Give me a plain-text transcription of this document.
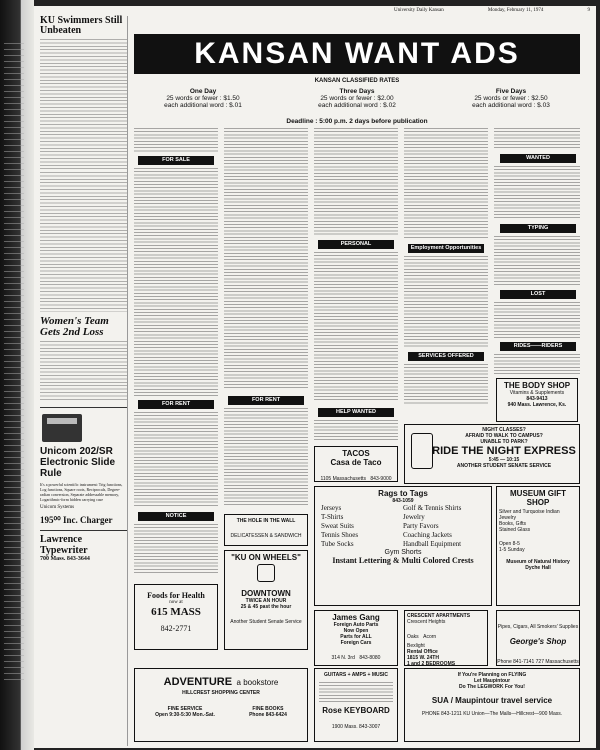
University Daily Kansan	Monday, February 11, 1974	9
KU Swimmers Still Unbeaten
Women's Team Gets 2nd Loss
Unicom 202/SR Electronic Slide Rule
It's a powerful scientific instrument: Trig functions, Log functions, Square roots, Reciprocals, Degree-radian conversion, Separate addressable memory, Logarithmic-form hidden carrying case
Unicom Systems
195⁰⁰ Inc. Charger
Lawrence Typewriter
700 Mass. 843-3644
KANSAN WANT ADS
KANSAN CLASSIFIED RATES
One Day
25 words or fewer : $1.50
each additional word : $.01
Three Days
25 words or fewer : $2.00
each additional word : $.02
Five Days
25 words or fewer : $2.50
each additional word : $.03
Deadline : 5:00 p.m. 2 days before publication
FOR SALE
FOR RENT
NOTICE
FOR RENT
PERSONAL
HELP WANTED
Employment Opportunities
SERVICES OFFERED
WANTED
TYPING
LOST
RIDES——RIDERS
THE BODY SHOP
Vitamins & Supplements
843-9413
940 Mass. Lawrence, Ks.
NIGHT CLASSES?
AFRAID TO WALK TO CAMPUS?
UNABLE TO PARK?
RIDE THE NIGHT EXPRESS
5:45 — 10:15
ANOTHER STUDENT SENATE SERVICE
TACOS
Casa de Taco
1105 Massachusetts 843-9000
Rags to Tags
843-1059
Jerseys
T-Shirts
Sweat Suits
Tennis Shoes
Tube Socks
Golf & Tennis Shirts
Jewelry
Party Favors
Coaching Jackets
Handball Equipment
Gym Shorts
Instant Lettering & Multi Colored Crests
MUSEUM GIFT SHOP
Silver and Turquoise Indian Jewelry
Books, Gifts
Stained Glass
Open 8-5
1-5 Sunday
Museum of Natural History Dyche Hall
THE HOLE IN THE WALL
DELICATESSEN & SANDWICH
"KU ON WHEELS"
DOWNTOWN
TWICE AN HOUR
25 & 45 past the hour
Another Student Senate Service
Foods for Health
now at
615 MASS
842-2771
James Gang
Foreign Auto Parts
Now Open
Parts for ALL
Foreign Cars
314 N. 3rd 843-8080
CRESCENT APARTMENTS
Crescent Heights
Oaks Acorn
Bexlight
Rental Office
1815 W. 24TH
1 and 2 BEDROOMS
Pipes, Cigars, All Smokers' Supplies
George's Shop
Phone 841-7141 727 Massachusetts
ADVENTURE a bookstore
HILLCREST SHOPPING CENTER
FINE SERVICE
Open 9:30-5:30 Mon.-Sat.
FINE BOOKS
Phone 843-6424
GUITARS + AMPS + MUSIC
Rose KEYBOARD
1900 Mass. 843-3007
If You're Planning on FLYING
Let Maupintour
Do The LEGWORK For You!
SUA / Maupintour travel service
PHONE 843-1211 KU Union—The Malls—Hillcrest—900 Mass.
